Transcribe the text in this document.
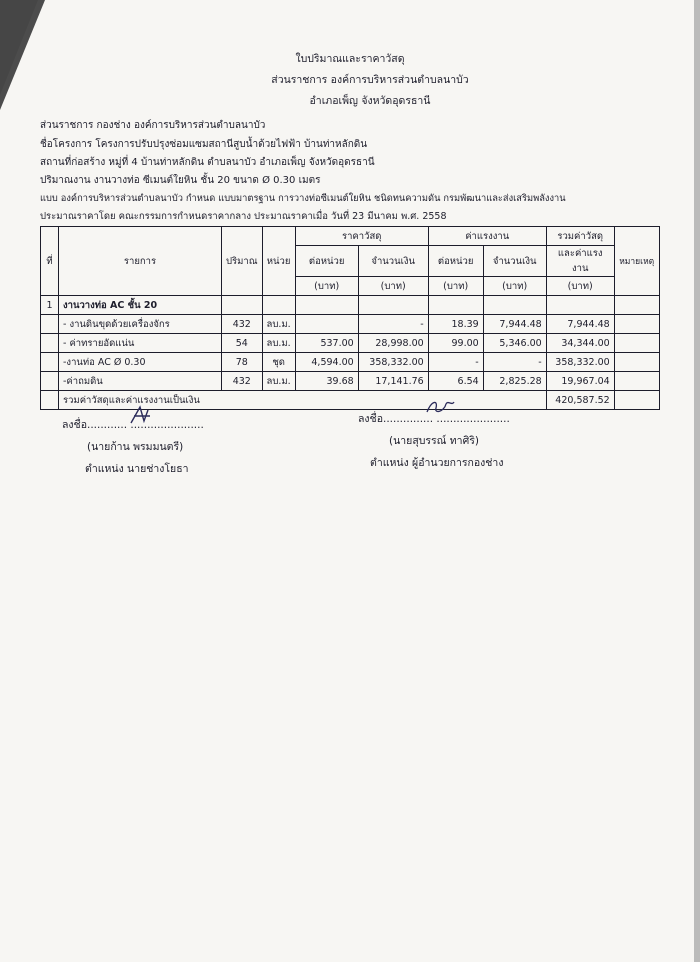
ใบปริมาณและราคาวัสดุ
ส่วนราชการ องค์การบริหารส่วนตำบลนาบัว
อำเภอเพ็ญ จังหวัดอุดรธานี
ส่วนราชการ กองช่าง องค์การบริหารส่วนตำบลนาบัว
ชื่อโครงการ โครงการปรับปรุงซ่อมแซมสถานีสูบน้ำด้วยไฟฟ้า บ้านท่าหลักดิน
สถานที่ก่อสร้าง หมู่ที่ 4 บ้านท่าหลักดิน ตำบลนาบัว อำเภอเพ็ญ จังหวัดอุดรธานี
ปริมาณงาน งานวางท่อ ซีเมนต์ใยหิน ชั้น 20 ขนาด Ø 0.30 เมตร
แบบ องค์การบริหารส่วนตำบลนาบัว กำหนด แบบมาตรฐาน การวางท่อซีเมนต์ใยหิน ชนิดทนความดัน กรมพัฒนาและส่งเสริมพลังงาน
ประมาณราคาโดย คณะกรรมการกำหนดราคากลาง ประมาณราคาเมื่อ วันที่ 23 มีนาคม พ.ศ. 2558
ที่	รายการ	ปริมาณ	หน่วย	ราคาวัสดุ		ค่าแรงงาน		รวมค่าวัสดุ	หมายเหตุ
				ต่อหน่วย	จำนวนเงิน	ต่อหน่วย	จำนวนเงิน	และค่าแรงงาน	
				(บาท)	(บาท)	(บาท)	(บาท)	(บาท)	
1	งานวางท่อ AC ชั้น 20								
	- งานดินขุดด้วยเครื่องจักร	432	ลบ.ม.		-	18.39	7,944.48	7,944.48	
	- ค่าทรายอัดแน่น	54	ลบ.ม.	537.00	28,998.00	99.00	5,346.00	34,344.00	
	-งานท่อ AC Ø 0.30	78	ชุด	4,594.00	358,332.00	-	-	358,332.00	
	-ค่าถมดิน	432	ลบ.ม.	39.68	17,141.76	6.54	2,825.28	19,967.04	
	รวมค่าวัสดุและค่าแรงงานเป็นเงิน							420,587.52	
ลงชื่อ............ ......................
(นายก้าน พรมมนตรี)
ตำแหน่ง นายช่างโยธา
ลงชื่อ............... ......................
(นายสุบรรณ์ ทาศิริ)
ตำแหน่ง ผู้อำนวยการกองช่าง
